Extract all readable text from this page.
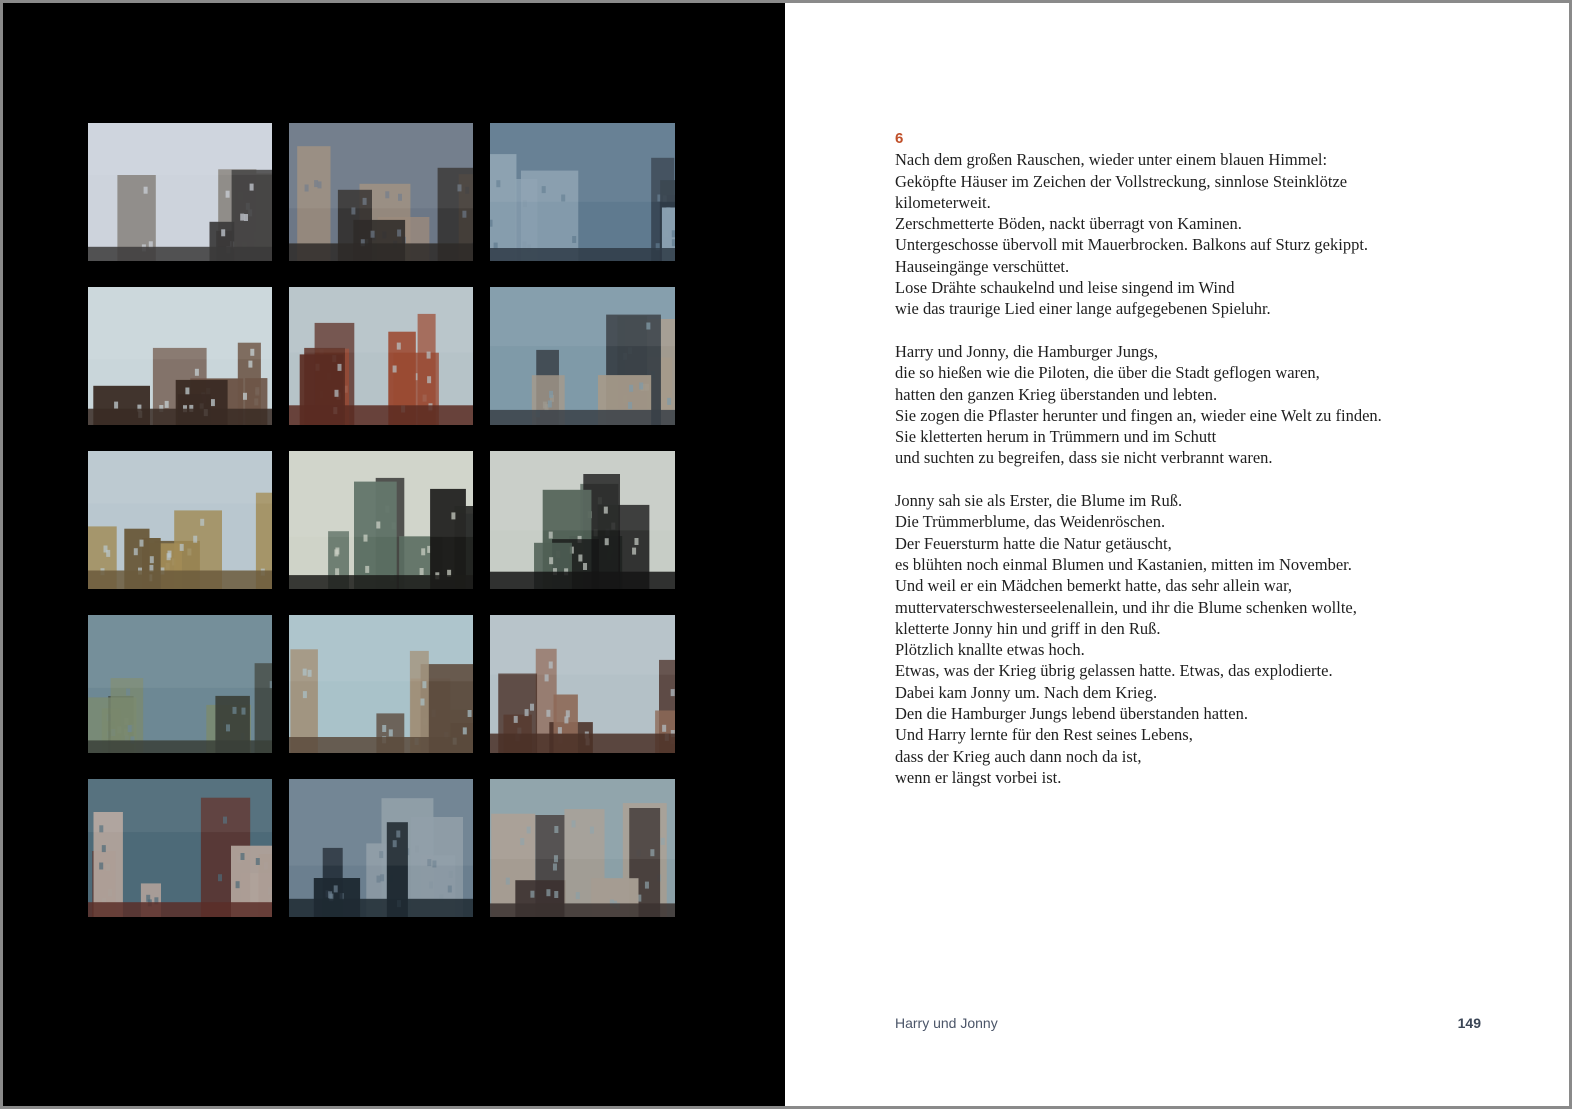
6
Nach dem großen Rauschen, wieder unter einem blauen Himmel:
Geköpfte Häuser im Zeichen der Vollstreckung, sinnlose Steinklötze
kilometerweit.
Zerschmetterte Böden, nackt überragt von Kaminen.
Untergeschosse übervoll mit Mauerbrocken. Balkons auf Sturz gekippt.
Hauseingänge verschüttet.
Lose Drähte schaukelnd und leise singend im Wind
wie das traurige Lied einer lange aufgegebenen Spieluhr.
Harry und Jonny, die Hamburger Jungs,
die so hießen wie die Piloten, die über die Stadt geflogen waren,
hatten den ganzen Krieg überstanden und lebten.
Sie zogen die Pflaster herunter und fingen an, wieder eine Welt zu finden.
Sie kletterten herum in Trümmern und im Schutt
und suchten zu begreifen, dass sie nicht verbrannt waren.
Jonny sah sie als Erster, die Blume im Ruß.
Die Trümmerblume, das Weidenröschen.
Der Feuersturm hatte die Natur getäuscht,
es blühten noch einmal Blumen und Kastanien, mitten im November.
Und weil er ein Mädchen bemerkt hatte, das sehr allein war,
muttervaterschwesterseelenallein, und ihr die Blume schenken wollte,
kletterte Jonny hin und griff in den Ruß.
Plötzlich knallte etwas hoch.
Etwas, was der Krieg übrig gelassen hatte. Etwas, das explodierte.
Dabei kam Jonny um. Nach dem Krieg.
Den die Hamburger Jungs lebend überstanden hatten.
Und Harry lernte für den Rest seines Lebens,
dass der Krieg auch dann noch da ist,
wenn er längst vorbei ist.
Harry und Jonny	149
